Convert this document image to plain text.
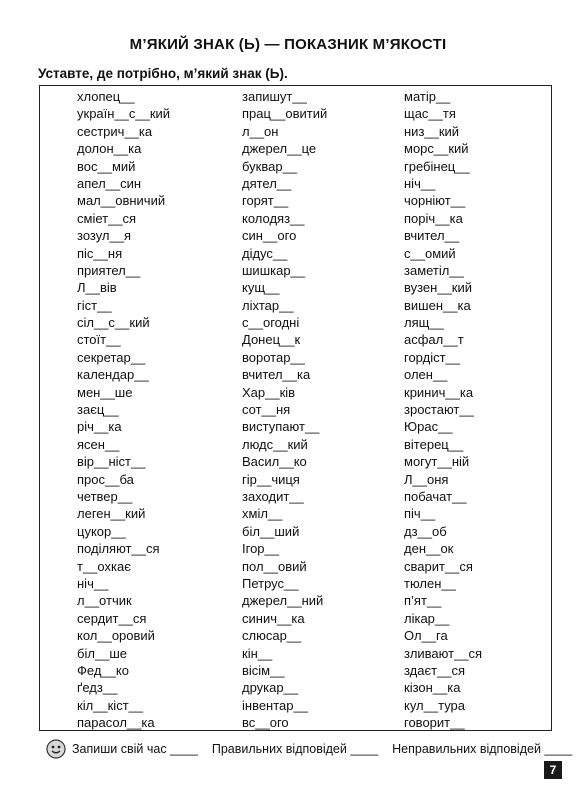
М’ЯКИЙ ЗНАК (Ь) — ПОКАЗНИК М’ЯКОСТІ
Уставте, де потрібно, м’який знак (Ь).
хлопец__
україн__с__кий
сестрич__ка
долон__ка
вос__мий
апел__син
мал__овничий
сміет__ся
зозул__я
піс__ня
приятел__
Л__вів
гіст__
сіл__с__кий
стоїт__
секретар__
календар__
мен__ше
заєц__
річ__ка
ясен__
вір__ніст__
прос__ба
четвер__
леген__кий
цукор__
поділяют__ся
т__охкає
ніч__
л__отчик
сердит__ся
кол__оровий
біл__ше
Фед__ко
ґедз__
кіл__кіст__
парасол__ка
запишут__
прац__овитий
л__он
джерел__це
буквар__
дятел__
горят__
колодяз__
син__ого
дідус__
шишкар__
кущ__
ліхтар__
с__огодні
Донец__к
воротар__
вчител__ка
Хар__ків
сот__ня
виступают__
людс__кий
Васил__ко
гір__чиця
заходит__
хміл__
біл__ший
Ігор__
пол__овий
Петрус__
джерел__ний
синич__ка
слюсар__
кін__
вісім__
друкар__
інвентар__
вс__ого
матір__
щас__тя
низ__кий
морс__кий
гребінец__
ніч__
чорніют__
поріч__ка
вчител__
с__омий
заметіл__
вузен__кий
вишен__ка
лящ__
асфал__т
гордіст__
олен__
кринич__ка
зростают__
Юрас__
вітерец__
могут__ній
Л__оня
побачат__
піч__
дз__об
ден__ок
сварит__ся
тюлен__
п’ят__
лікар__
Ол__га
зливают__ся
здаєт__ся
кізон__ка
кул__тура
говорит__
Запиши свій час ____ Правильних відповідей ____ Неправильних відповідей ____
7
